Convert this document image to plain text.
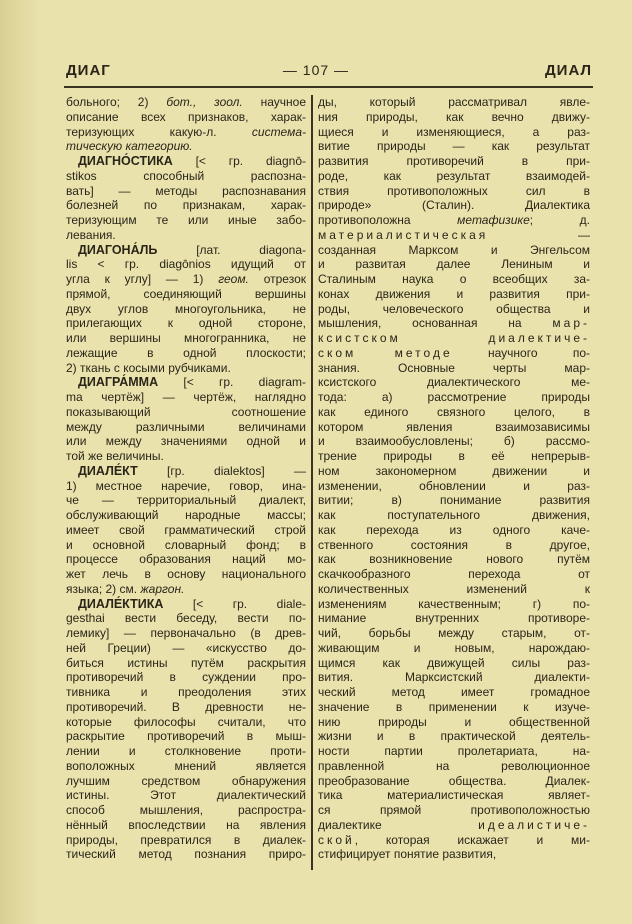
ДИАГ	— 107 —	ДИАЛ
больного; 2) бот., зоол. научное
описание всех признаков, харак-
теризующих какую-л. система-
тическую категорию.
ДИАГНО́СТИКА [< гр. diagnō-
stikos способный распозна-
вать] — методы распознавания
болезней по признакам, харак-
теризующим те или иные забо-
левания.
ДИАГОНА́ЛЬ [лат. diagona-
lis < гр. diagōnios идущий от
угла к углу] — 1) геом. отрезок
прямой, соединяющий вершины
двух углов многоугольника, не
прилегающих к одной стороне,
или вершины многогранника, не
лежащие в одной плоскости;
2) ткань с косыми рубчиками.
ДИАГРА́ММА [< гр. diagram-
ma чертёж] — чертёж, наглядно
показывающий соотношение
между различными величинами
или между значениями одной и
той же величины.
ДИАЛЕ́КТ [гр. dialektos] —
1) местное наречие, говор, ина-
че — территориальный диалект,
обслуживающий народные массы;
имеет свой грамматический строй
и основной словарный фонд; в
процессе образования наций мо-
жет лечь в основу национального
языка; 2) см. жаргон.
ДИАЛЕ́КТИКА [< гр. diale-
gesthai вести беседу, вести по-
лемику] — первоначально (в древ-
ней Греции) — «искусство до-
биться истины путём раскрытия
противоречий в суждении про-
тивника и преодоления этих
противоречий. В древности не-
которые философы считали, что
раскрытие противоречий в мыш-
лении и столкновение проти-
воположных мнений является
лучшим средством обнаружения
истины. Этот диалектический
способ мышления, распростра-
нённый впоследствии на явления
природы, превратился в диалек-
тический метод познания приро-
ды, который рассматривал явле-
ния природы, как вечно движу-
щиеся и изменяющиеся, а раз-
витие природы — как результат
развития противоречий в при-
роде, как результат взаимодей-
ствия противоположных сил в
природе» (Сталин). Диалектика
противоположна метафизике; д.
материалистическая —
созданная Марксом и Энгельсом
и развитая далее Лениным и
Сталиным наука о всеобщих за-
конах движения и развития при-
роды, человеческого общества и
мышления, основанная на мар-
ксистском диалектиче-
ском методе научного по-
знания. Основные черты мар-
ксистского диалектического ме-
тода: а) рассмотрение природы
как единого связного целого, в
котором явления взаимозависимы
и взаимообусловлены; б) рассмо-
трение природы в её непрерыв-
ном закономерном движении и
изменении, обновлении и раз-
витии; в) понимание развития
как поступательного движения,
как перехода из одного каче-
ственного состояния в другое,
как возникновение нового путём
скачкообразного перехода от
количественных изменений к
изменениям качественным; г) по-
нимание внутренних противоре-
чий, борьбы между старым, от-
живающим и новым, нарождаю-
щимся как движущей силы раз-
вития. Марксистский диалекти-
ческий метод имеет громадное
значение в применении к изуче-
нию природы и общественной
жизни и в практической деятель-
ности партии пролетариата, на-
правленной на революционное
преобразование общества. Диалек-
тика материалистическая являет-
ся прямой противоположностью
диалектике идеалистиче-
ской, которая искажает и ми-
стифицирует понятие развития,
